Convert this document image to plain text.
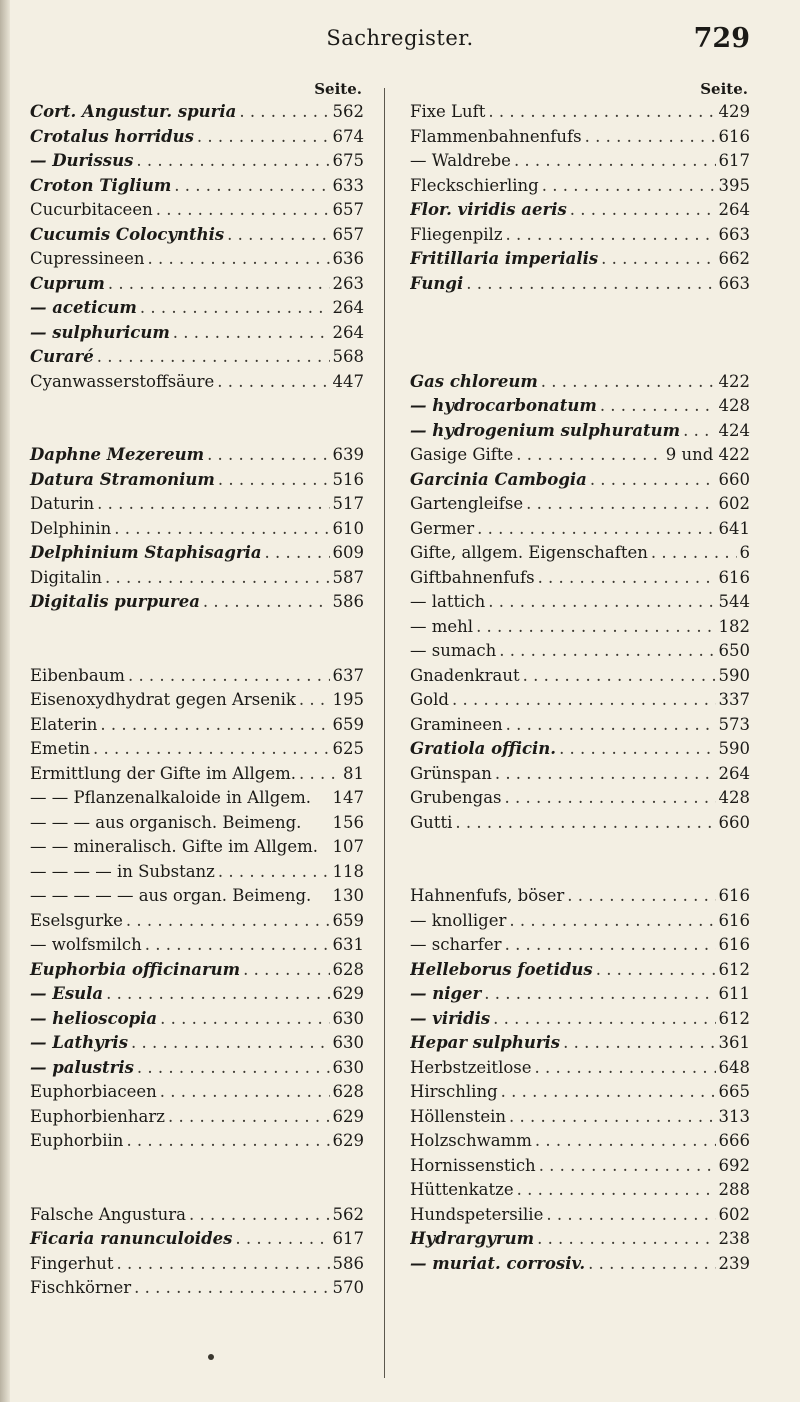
Sachregister.	729
Seite.
Cort. Angustur. spuria . . .	562
Crotalus horridus . . .	674
— Durissus . . .	675
Croton Tiglium . . .	633
Cucurbitaceen . . .	657
Cucumis Colocynthis . . .	657
Cupressineen . . .	636
Cuprum . . .	263
— aceticum . . .	264
— sulphuricum . . .	264
Curaré . . .	568
Cyanwasserstoffsäure . . .	447
Daphne Mezereum . . .	639
Datura Stramonium . . .	516
Daturin . . .	517
Delphinin . . .	610
Delphinium Staphisagria . . .	609
Digitalin . . .	587
Digitalis purpurea . . .	586
Eibenbaum . . .	637
Eisenoxydhydrat gegen Arsenik . . . 195
Elaterin . . .	659
Emetin . . .	625
Ermittlung der Gifte im Allgem. . . .	81
— — Pflanzenalkaloide in Allgem. 147
— — — aus organisch. Beimeng. 156
— — mineralisch. Gifte im Allgem. 107
— — — — in Substanz . . .	118
— — — — — aus organ. Beimeng. 130
Eselsgurke . . .	659
— wolfsmilch . . .	631
Euphorbia officinarum . . .	628
— Esula . . .	629
— helioscopia . . .	630
— Lathyris . . .	630
— palustris . . .	630
Euphorbiaceen . . .	628
Euphorbienharz . . .	629
Euphorbiin . . .	629
Falsche Angustura . . .	562
Ficaria ranunculoides . . .	617
Fingerhut . . .	586
Fischkörner . . .	570
Seite.
Fixe Luft . . .	429
Flammenbahnenfufs . . .	616
— Waldrebe . . .	617
Fleckschierling . . .	395
Flor. viridis aeris . . .	264
Fliegenpilz . . .	663
Fritillaria imperialis . . .	662
Fungi . . .	663
Gas chloreum . . .	422
— hydrocarbonatum . . .	428
— hydrogenium sulphuratum . . . 424
Gasige Gifte . . .	9 und 422
Garcinia Cambogia . . .	660
Gartengleifse . . .	602
Germer . . .	641
Gifte, allgem. Eigenschaften . . .	6
Giftbahnenfufs . . .	616
— lattich . . .	544
— mehl . . .	182
— sumach . . .	650
Gnadenkraut . . .	590
Gold . . .	337
Gramineen . . .	573
Gratiola officin. . . .	590
Grünspan . . .	264
Grubengas . . .	428
Gutti . . .	660
Hahnenfufs, böser . . .	616
— knolliger . . .	616
— scharfer . . .	616
Helleborus foetidus . . .	612
— niger . . .	611
— viridis . . .	612
Hepar sulphuris . . .	361
Herbstzeitlose . . .	648
Hirschling . . .	665
Höllenstein . . .	313
Holzschwamm . . .	666
Hornissenstich . . .	692
Hüttenkatze . . .	288
Hundspetersilie . . .	602
Hydrargyrum . . .	238
— muriat. corrosiv. . . .	239
